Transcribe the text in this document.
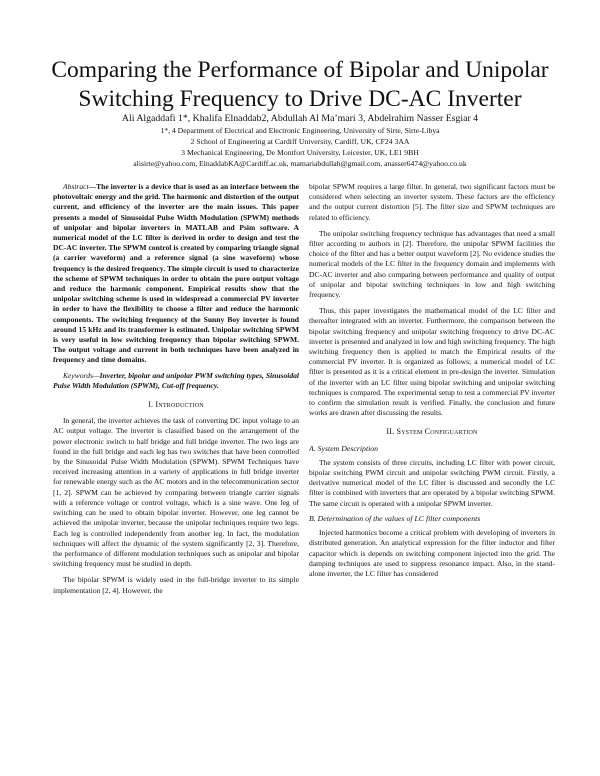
Comparing the Performance of Bipolar and Unipolar
Switching Frequency to Drive DC-AC Inverter
Ali Algaddafi 1*, Khalifa Elnaddab2, Abdullah Al Ma’mari 3, Abdelrahim Nasser Esgiar 4
1*, 4 Department of Electrical and Electronic Engineering, University of Sirte, Sirte-Libya
2 School of Engineering at Cardiff University, Cardiff, UK, CF24 3AA
3 Mechanical Engineering, De Montfort University, Leicester, UK, LE1 9BH
alisirte@yahoo.com, ElnaddabKA@Cardiff.ac.uk, mamariabdullah@gmail.com, anasser6474@yahoo.co.uk

Abstract—The inverter is a device that is used as an interface between the photovoltaic energy and the grid. The harmonic and distortion of the output current, and efficiency of the inverter are the main issues. This paper presents a model of Sinusoidal Pulse Width Modulation (SPWM) methods of unipolar and bipolar inverters in MATLAB and Psim software. A numerical model of the LC filter is derived in order to design and test the DC-AC inverter. The SPWM control is created by comparing triangle signal (a carrier waveform) and a reference signal (a sine waveform) whose frequency is the desired frequency. The simple circuit is used to characterize the scheme of SPWM techniques in order to obtain the pure output voltage and reduce the harmonic component. Empirical results show that the unipolar switching scheme is used in widespread a commercial PV inverter in order to have the flexibility to choose a filter and reduce the harmonic components. The switching frequency of the Sunny Boy inverter is found around 15 kHz and its transformer is estimated. Unipolar switching SPWM is very useful in low switching frequency than bipolar switching SPWM. The output voltage and current in both techniques have been analyzed in frequency and time domains.

Keywords—Inverter, bipolar and unipolar PWM switching types, Sinusoidal Pulse Width Modulation (SPWM), Cut-off frequency.

I. Introduction

In general, the inverter achieves the task of converting DC input voltage to an AC output voltage. The inverter is classified based on the arrangement of the power electronic switch to half bridge and full bridge inverter. The two legs are found in the full bridge and each leg has two switches that have been controlled by the Sinusoidal Pulse Width Modulation (SPWM). SPWM Techniques have received increasing attention in a variety of applications in full bridge inverter for renewable energy such as the AC motors and in the telecommunication sector [1, 2]. SPWM can be achieved by comparing between triangle carrier signals with a reference voltage or control voltage, which is a sine wave. One leg of switching can be used to obtain bipolar inverter. However, one leg cannot be achieved the unipolar inverter, because the unipolar techniques require two legs. Each leg is controlled independently from another leg. In fact, the modulation techniques will affect the dynamic of the system significantly [2, 3]. Therefore, the performance of different modulation techniques such as unipolar and bipolar switching frequency must be studied in depth.

The bipolar SPWM is widely used in the full-bridge inverter to its simple implementation [2, 4]. However, the

bipolar SPWM requires a large filter. In general, two significant factors must be considered when selecting an inverter system. These factors are the efficiency and the output current distortion [5]. The filter size and SPWM techniques are related to efficiency.

The unipolar switching frequency technique has advantages that need a small filter according to authors in [2]. Therefore, the unipolar SPWM facilities the choice of the filter and has a better output waveform [2]. No evidence studies the numerical models of the LC filter in the frequency domain and implements with DC-AC inverter and also comparing between performance and quality of output of unipolar and bipolar switching techniques in low and high switching frequency.

Thus, this paper investigates the mathematical model of the LC filter and thereafter integrated with an inverter. Furthermore, the comparison between the bipolar switching frequency and unipolar switching frequency to drive DC-AC inverter is presented and analyzed in low and high switching frequency. The high switching frequency then is applied to match the Empirical results of the commercial PV inverter. It is organized as follows; a numerical model of LC filter is presented as it is a critical element in pre-design the inverter. Simulation of the inverter with an LC filter using bipolar switching and unipolar switching techniques is compared. The experimental setup to test a commercial PV inverter to confirm the simulation result is verified. Finally, the conclusion and future works are drawn after discussing the results.

II. System Configuartion
A. System Description

The system consists of three circuits, including LC filter with power circuit, bipolar switching PWM circuit and unipolar switching PWM circuit. Firstly, a derivative numerical model of the LC filter is discussed and secondly the LC filter is combined with inverters that are operated by a bipolar switching SPWM. The same circuit is operated with a unipolar SPWM inverter.

B. Determination of the values of LC filter components

Injected harmonics become a critical problem with developing of inverters in distributed generation. An analytical expression for the filter inductor and filter capacitor which is depends on switching component injected into the grid. The damping techniques are used to suppress resonance impact. Also, in the stand-alone inverter, the LC filter has considered
